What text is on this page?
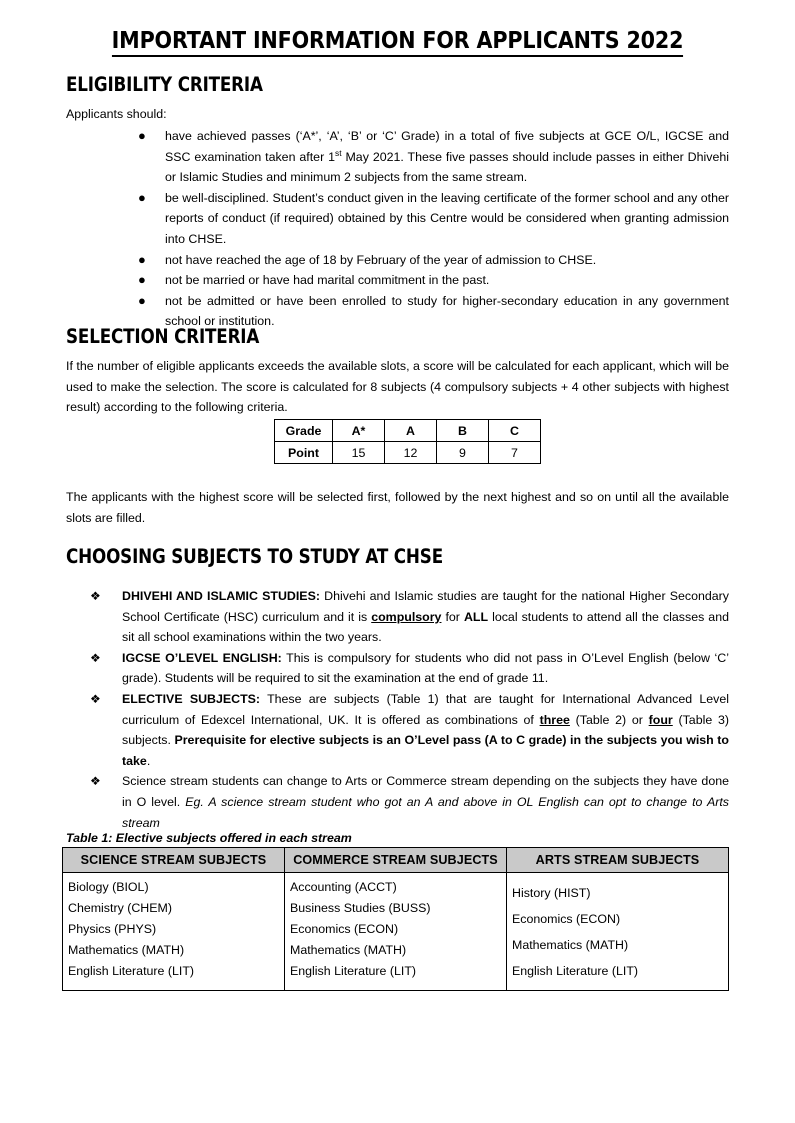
IMPORTANT INFORMATION FOR APPLICANTS 2022
ELIGIBILITY CRITERIA
Applicants should:
● have achieved passes (‘A*’, ‘A’, ‘B’ or ‘C’ Grade) in a total of five subjects at GCE O/L, IGCSE and SSC examination taken after 1st May 2021. These five passes should include passes in either Dhivehi or Islamic Studies and minimum 2 subjects from the same stream.
● be well-disciplined. Student’s conduct given in the leaving certificate of the former school and any other reports of conduct (if required) obtained by this Centre would be considered when granting admission into CHSE.
● not have reached the age of 18 by February of the year of admission to CHSE.
● not be married or have had marital commitment in the past.
● not be admitted or have been enrolled to study for higher-secondary education in any government school or institution.
SELECTION CRITERIA
If the number of eligible applicants exceeds the available slots, a score will be calculated for each applicant, which will be used to make the selection. The score is calculated for 8 subjects (4 compulsory subjects + 4 other subjects with highest result) according to the following criteria.
Grade	A*	A	B	C
Point	15	12	9	7
The applicants with the highest score will be selected first, followed by the next highest and so on until all the available slots are filled.
CHOOSING SUBJECTS TO STUDY AT CHSE
❖ DHIVEHI AND ISLAMIC STUDIES: Dhivehi and Islamic studies are taught for the national Higher Secondary School Certificate (HSC) curriculum and it is compulsory for ALL local students to attend all the classes and sit all school examinations within the two years.
❖ IGCSE O’LEVEL ENGLISH: This is compulsory for students who did not pass in O’Level English (below ‘C’ grade). Students will be required to sit the examination at the end of grade 11.
❖ ELECTIVE SUBJECTS: These are subjects (Table 1) that are taught for International Advanced Level curriculum of Edexcel International, UK. It is offered as combinations of three (Table 2) or four (Table 3) subjects. Prerequisite for elective subjects is an O’Level pass (A to C grade) in the subjects you wish to take.
❖ Science stream students can change to Arts or Commerce stream depending on the subjects they have done in O level. Eg. A science stream student who got an A and above in OL English can opt to change to Arts stream
Table 1: Elective subjects offered in each stream
SCIENCE STREAM SUBJECTS	COMMERCE STREAM SUBJECTS	ARTS STREAM SUBJECTS

Biology (BIOL)
Chemistry (CHEM)
Physics (PHYS)
Mathematics (MATH)
English Literature (LIT)

Accounting (ACCT)
Business Studies (BUSS)
Economics (ECON)
Mathematics (MATH)
English Literature (LIT)

History (HIST)
Economics (ECON)
Mathematics (MATH)
English Literature (LIT)
